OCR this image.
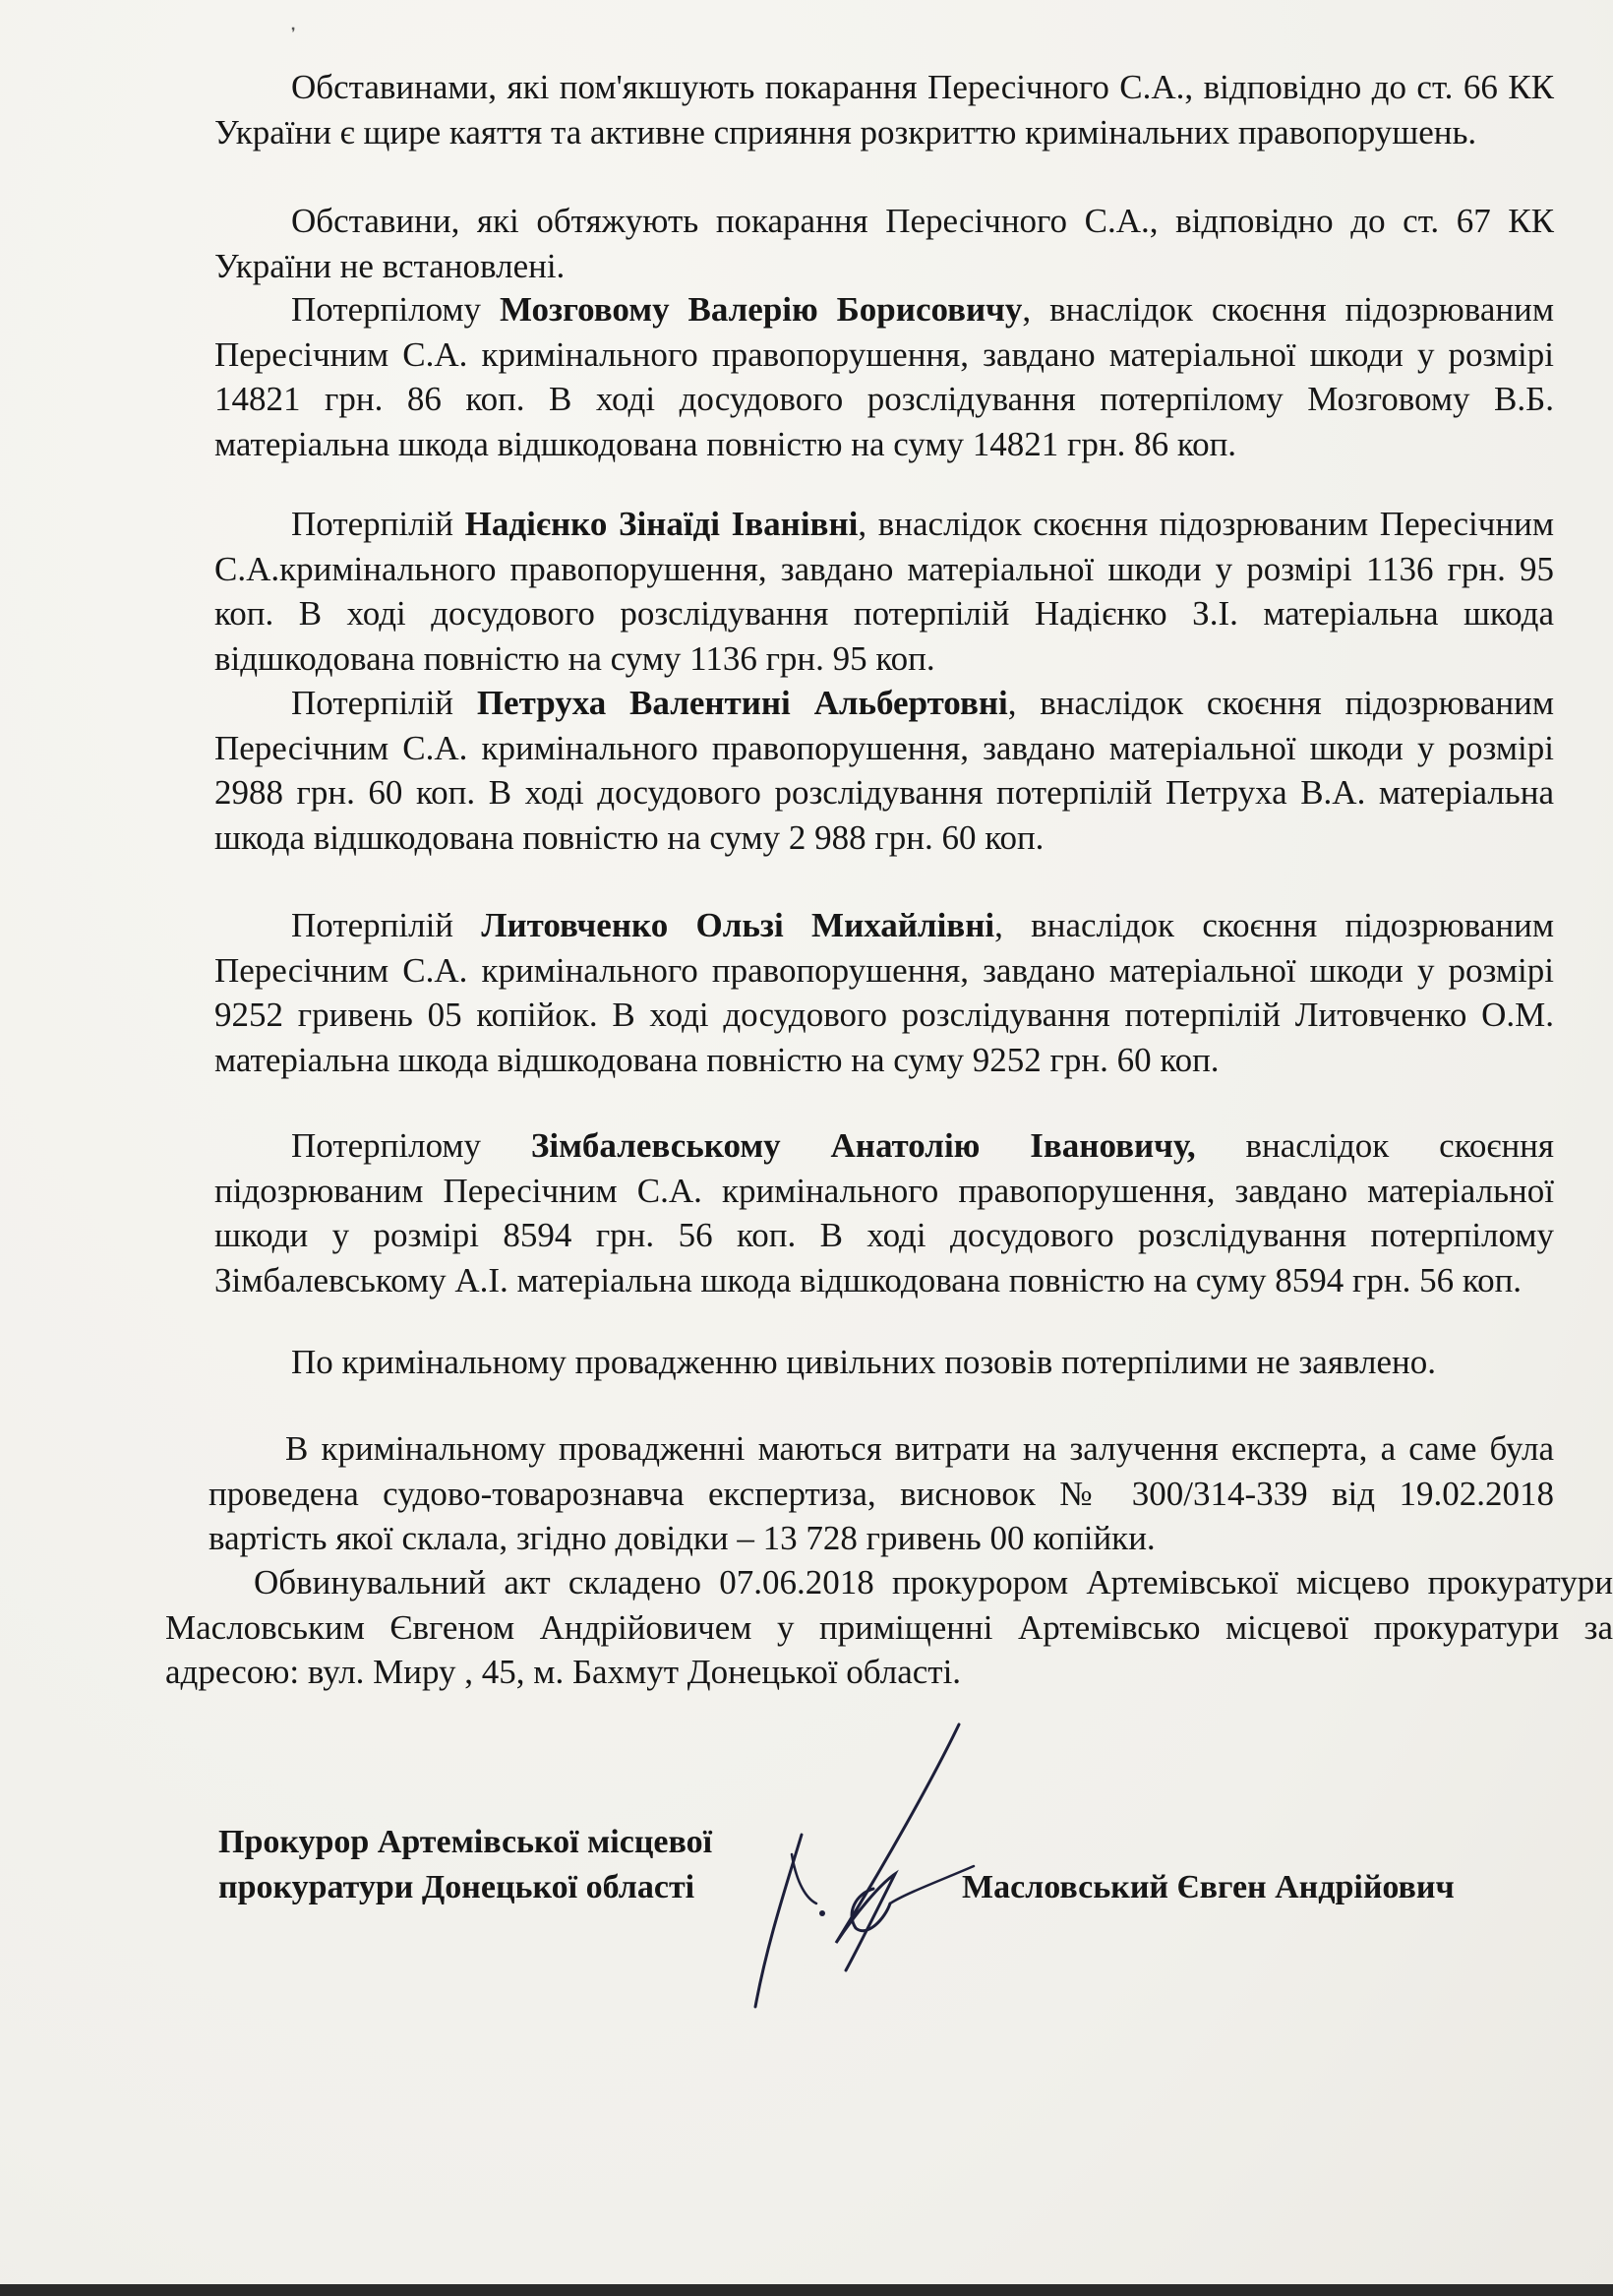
❜

Обставинами, які пом'якшують покарання Пересічного С.А., відповідно до ст. 66 КК України є щире каяття та активне сприяння розкриттю кримінальних правопорушень.

Обставини, які обтяжують покарання Пересічного С.А., відповідно до ст. 67 КК України не встановлені.

Потерпілому Мозговому Валерію Борисовичу, внаслідок скоєння підозрюваним Пересічним С.А. кримінального правопорушення, завдано матеріальної шкоди у розмірі 14821 грн. 86 коп. В ході досудового розслідування потерпілому Мозговому В.Б. матеріальна шкода відшкодована повністю на суму 14821 грн. 86 коп.

Потерпілій Надієнко Зінаїді Іванівні, внаслідок скоєння підозрюваним Пересічним С.А.кримінального правопорушення, завдано матеріальної шкоди у розмірі 1136 грн. 95 коп. В ході досудового розслідування потерпілій Надієнко З.І. матеріальна шкода відшкодована повністю на суму 1136 грн. 95 коп.

Потерпілій Петруха Валентині Альбертовні, внаслідок скоєння підозрюваним Пересічним С.А. кримінального правопорушення, завдано матеріальної шкоди у розмірі 2988 грн. 60 коп. В ході досудового розслідування потерпілій Петруха В.А. матеріальна шкода відшкодована повністю на суму 2 988 грн. 60 коп.

Потерпілій Литовченко Ользі Михайлівні, внаслідок скоєння підозрюваним Пересічним С.А. кримінального правопорушення, завдано матеріальної шкоди у розмірі 9252 гривень 05 копійок. В ході досудового розслідування потерпілій Литовченко О.М. матеріальна шкода відшкодована повністю на суму 9252 грн. 60 коп.

Потерпілому Зімбалевському Анатолію Івановичу, внаслідок скоєння підозрюваним Пересічним С.А. кримінального правопорушення, завдано матеріальної шкоди у розмірі 8594 грн. 56 коп. В ході досудового розслідування потерпілому Зімбалевському А.І. матеріальна шкода відшкодована повністю на суму 8594 грн. 56 коп.

По кримінальному провадженню цивільних позовів потерпілими не заявлено.

В кримінальному провадженні маються витрати на залучення експерта, а саме була проведена судово-товарознавча експертиза, висновок № 300/314-339 від 19.02.2018 вартість якої склала, згідно довідки – 13 728 гривень 00 копійки.

Обвинувальний акт складено 07.06.2018 прокурором Артемівської місцево прокуратури Масловським Євгеном Андрійовичем у приміщенні Артемівсько місцевої прокуратури за адресою: вул. Миру , 45, м. Бахмут Донецької області.

Прокурор Артемівської місцевої
прокуратури Донецької області	Масловський Євген Андрійович
